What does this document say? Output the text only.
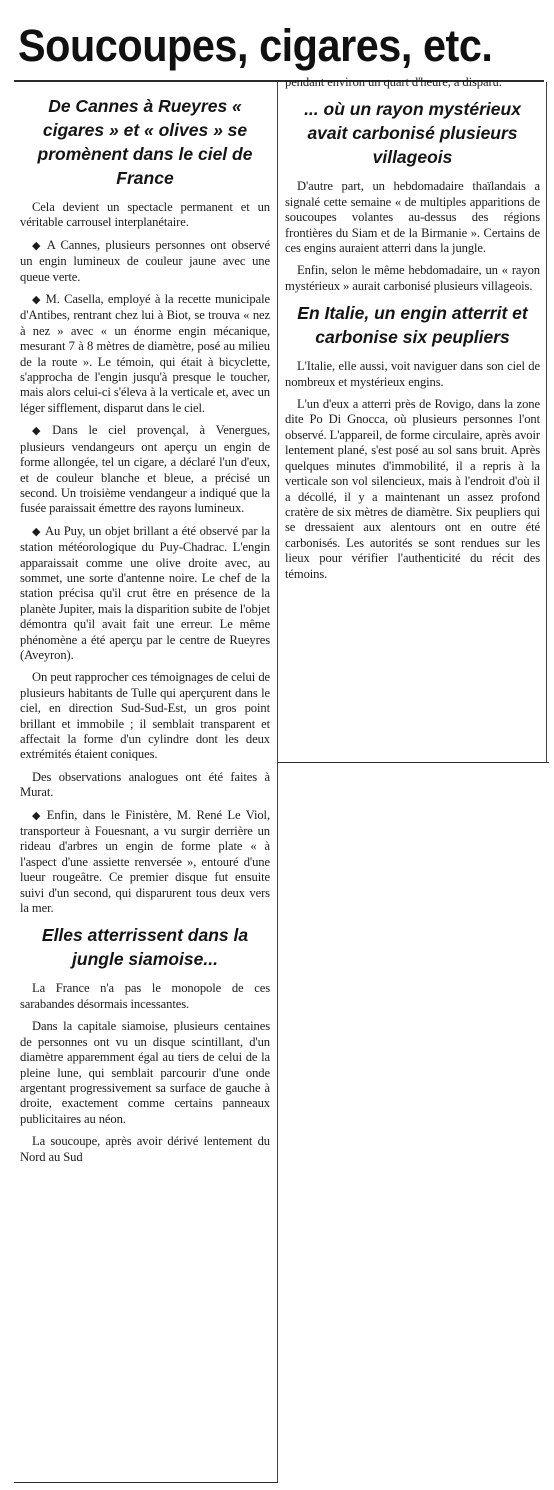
Soucoupes, cigares, etc.
De Cannes à Rueyres « cigares » et « olives » se promènent dans le ciel de France
Cela devient un spectacle permanent et un véritable carrousel interplanétaire.
◆ A Cannes, plusieurs personnes ont observé un engin lumineux de couleur jaune avec une queue verte.
◆ M. Casella, employé à la recette municipale d'Antibes, rentrant chez lui à Biot, se trouva « nez à nez » avec « un énorme engin mécanique, mesurant 7 à 8 mètres de diamètre, posé au milieu de la route ». Le témoin, qui était à bicyclette, s'approcha de l'engin jusqu'à presque le toucher, mais alors celui-ci s'éleva à la verticale et, avec un léger sifflement, disparut dans le ciel.
◆ Dans le ciel provençal, à Venergues, plusieurs vendangeurs ont aperçu un engin de forme allongée, tel un cigare, a déclaré l'un d'eux, et de couleur blanche et bleue, a précisé un second. Un troisième vendangeur a indiqué que la fusée paraissait émettre des rayons lumineux.
◆ Au Puy, un objet brillant a été observé par la station météorologique du Puy-Chadrac. L'engin apparaissait comme une olive droite avec, au sommet, une sorte d'antenne noire. Le chef de la station précisa qu'il crut être en présence de la planète Jupiter, mais la disparition subite de l'objet démontra qu'il avait fait une erreur. Le même phénomène a été aperçu par le centre de Rueyres (Aveyron).
On peut rapprocher ces témoignages de celui de plusieurs habitants de Tulle qui aperçurent dans le ciel, en direction Sud-Sud-Est, un gros point brillant et immobile ; il semblait transparent et affectait la forme d'un cylindre dont les deux extrémités étaient coniques.
Des observations analogues ont été faites à Murat.
◆ Enfin, dans le Finistère, M. René Le Viol, transporteur à Fouesnant, a vu surgir derrière un rideau d'arbres un engin de forme plate « à l'aspect d'une assiette renversée », entouré d'une lueur rougeâtre. Ce premier disque fut ensuite suivi d'un second, qui disparurent tous deux vers la mer.
Elles atterrissent dans la jungle siamoise...
La France n'a pas le monopole de ces sarabandes désormais incessantes.
Dans la capitale siamoise, plusieurs centaines de personnes ont vu un disque scintillant, d'un diamètre apparemment égal au tiers de celui de la pleine lune, qui semblait parcourir d'une onde argentant progressivement sa surface de gauche à droite, exactement comme certains panneaux publicitaires au néon.
La soucoupe, après avoir dérivé lentement du Nord au Sud
pendant environ un quart d'heure, a disparu.
... où un rayon mystérieux avait carbonisé plusieurs villageois
D'autre part, un hebdomadaire thaïlandais a signalé cette semaine « de multiples apparitions de soucoupes volantes au-dessus des régions frontières du Siam et de la Birmanie ». Certains de ces engins auraient atterri dans la jungle.
Enfin, selon le même hebdomadaire, un « rayon mystérieux » aurait carbonisé plusieurs villageois.
En Italie, un engin atterrit et carbonise six peupliers
L'Italie, elle aussi, voit naviguer dans son ciel de nombreux et mystérieux engins.
L'un d'eux a atterri près de Rovigo, dans la zone dite Po Di Gnocca, où plusieurs personnes l'ont observé. L'appareil, de forme circulaire, après avoir lentement plané, s'est posé au sol sans bruit. Après quelques minutes d'immobilité, il a repris à la verticale son vol silencieux, mais à l'endroit d'où il a décollé, il y a maintenant un assez profond cratère de six mètres de diamètre. Six peupliers qui se dressaient aux alentours ont en outre été carbonisés. Les autorités se sont rendues sur les lieux pour vérifier l'authenticité du récit des témoins.
